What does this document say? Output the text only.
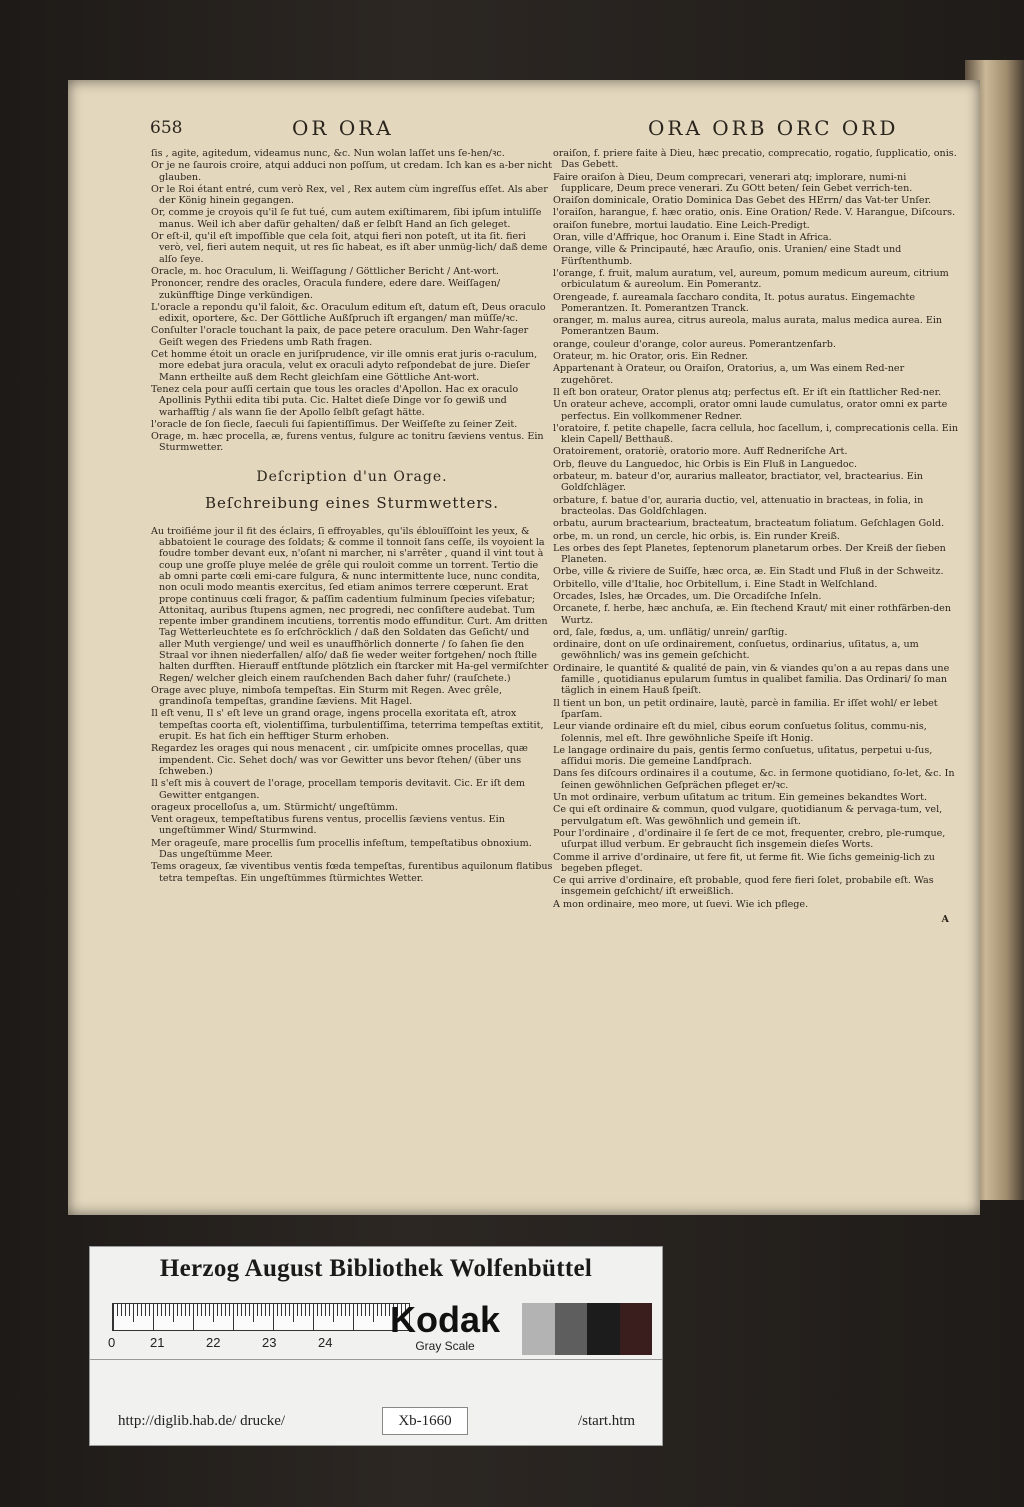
658	OR ORA	ORA ORB ORC ORD
ſis , agite, agitedum, videamus nunc, &c. Nun wolan laſſet uns ſe-hen/ꝛc.
Or je ne ſaurois croire, atqui adduci non poſſum, ut credam. Ich kan es a-ber nicht glauben.
Or le Roi étant entré, cum verò Rex, vel , Rex autem cùm ingreſſus eſſet. Als aber der König hinein gegangen.
Or, comme je croyois qu'il ſe fut tué, cum autem exiſtimarem, ſibi ipſum intuliſſe manus. Weil ich aber dafür gehalten/ daß er ſelbſt Hand an ſich geleget.
Or eſt-il, qu'il eſt impoſſible que cela ſoit, atqui fieri non poteſt, ut ita ſit. fieri verò, vel, fieri autem nequit, ut res ſic habeat, es iſt aber unmüg-lich/ daß deme alſo ſeye.
Oracle, m. hoc Oraculum, li. Weiſſagung / Göttlicher Bericht / Ant-wort.
Prononcer, rendre des oracles, Oracula fundere, edere dare. Weiſſagen/ zukünfftige Dinge verkündigen.
L'oracle a repondu qu'il faloit, &c. Oraculum editum eſt, datum eſt, Deus oraculo edixit, oportere, &c. Der Göttliche Außſpruch iſt ergangen/ man müſſe/ꝛc.
Conſulter l'oracle touchant la paix, de pace petere oraculum. Den Wahr-ſager Geiſt wegen des Friedens umb Rath fragen.
Cet homme étoit un oracle en juriſprudence, vir ille omnis erat juris o-raculum, more edebat jura oracula, velut ex oraculi adyto reſpondebat de jure. Dieſer Mann ertheilte auß dem Recht gleichſam eine Göttliche Ant-wort.
Tenez cela pour auſſi certain que tous les oracles d'Apollon. Hac ex oraculo Apollinis Pythii edita tibi puta. Cic. Haltet dieſe Dinge vor ſo gewiß und warhafftig / als wann ſie der Apollo ſelbſt geſagt hätte.
l'oracle de ſon ſiecle, ſaeculi ſui ſapientiſſimus. Der Weiſſeſte zu ſeiner Zeit.
Orage, m. hæc procella, æ, furens ventus, fulgure ac tonitru ſæviens ventus. Ein Sturmwetter.
Deſcription d'un Orage.
Beſchreibung eines Sturmwetters.
Au troiſiéme jour il fit des éclairs, ſi effroyables, qu'ils éblouïſſoint les yeux, & abbatoient le courage des ſoldats; & comme il tonnoit ſans ceſſe, ils voyoient la foudre tomber devant eux, n'oſant ni marcher, ni s'arrêter , quand il vint tout à coup une groſſe pluye melée de grêle qui rouloit comme un torrent. Tertio die ab omni parte cœli emi-care fulgura, & nunc intermittente luce, nunc condita, non oculi modo meantis exercitus, ſed etiam animos terrere cœperunt. Erat prope continuus cœli fragor, & paſſim cadentium fulminum ſpecies viſebatur; Attonitaq, auribus ſtupens agmen, nec progredi, nec conſiſtere audebat. Tum repente imber grandinem incutiens, torrentis modo effunditur. Curt. Am dritten Tag Wetterleuchtete es ſo erſchröcklich / daß den Soldaten das Geſicht/ und aller Muth vergienge/ und weil es unauffhörlich donnerte / ſo ſahen ſie den Straal vor ihnen niederfallen/ alſo/ daß ſie weder weiter fortgehen/ noch ſtille halten durfften. Hierauff entſtunde plötzlich ein ſtarcker mit Ha-gel vermiſchter Regen/ welcher gleich einem rauſchenden Bach daher fuhr/ (rauſchete.)
Orage avec pluye, nimboſa tempeſtas. Ein Sturm mit Regen. Avec grêle, grandinoſa tempeſtas, grandine ſæviens. Mit Hagel.
Il eſt venu, Il s' eſt leve un grand orage, ingens procella exoritata eſt, atrox tempeſtas coorta eſt, violentiſſima, turbulentiſſima, teterrima tempeſtas extitit, erupit. Es hat ſich ein hefftiger Sturm erhoben.
Regardez les orages qui nous menacent , cir. umſpicite omnes procellas, quæ impendent. Cic. Sehet doch/ was vor Gewitter uns bevor ſtehen/ (über uns ſchweben.)
Il s'eſt mis à couvert de l'orage, procellam temporis devitavit. Cic. Er iſt dem Gewitter entgangen.
orageux procelloſus a, um. Stürmicht/ ungeſtümm.
Vent orageux, tempeſtatibus furens ventus, procellis ſæviens ventus. Ein ungeſtümmer Wind/ Sturmwind.
Mer orageuſe, mare procellis ſum procellis infeſtum, tempeſtatibus obnoxium. Das ungeſtümme Meer.
Tems orageux, ſæ viventibus ventis fœda tempeſtas, furentibus aquilonum flatibus tetra tempeſtas. Ein ungeſtümmes ſtürmichtes Wetter.
oraiſon, f. priere faite à Dieu, hæc precatio, comprecatio, rogatio, ſupplicatio, onis. Das Gebett.
Faire oraiſon à Dieu, Deum comprecari, venerari atq; implorare, numi-ni ſupplicare, Deum prece venerari. Zu GOtt beten/ ſein Gebet verrich-ten.
Oraiſon dominicale, Oratio Dominica Das Gebet des HErrn/ das Vat-ter Unſer.
l'oraiſon, harangue, f. hæc oratio, onis. Eine Oration/ Rede. V. Harangue, Diſcours.
oraiſon funebre, mortui laudatio. Eine Leich-Predigt.
Oran, ville d'Affrique, hoc Oranum i. Eine Stadt in Africa.
Orange, ville & Principauté, hæc Arauſio, onis. Uranien/ eine Stadt und Fürſtenthumb.
l'orange, f. fruit, malum auratum, vel, aureum, pomum medicum aureum, citrium orbiculatum & aureolum. Ein Pomerantz.
Orengeade, f. aureamala ſaccharo condita, It. potus auratus. Eingemachte Pomerantzen. It. Pomerantzen Tranck.
oranger, m. malus aurea, citrus aureola, malus aurata, malus medica aurea. Ein Pomerantzen Baum.
orange, couleur d'orange, color aureus. Pomerantzenfarb.
Orateur, m. hic Orator, oris. Ein Redner.
Appartenant à Orateur, ou Oraiſon, Oratorius, a, um Was einem Red-ner zugehöret.
Il eſt bon orateur, Orator plenus atq; perfectus eſt. Er iſt ein ſtattlicher Red-ner.
Un orateur acheve, accompli, orator omni laude cumulatus, orator omni ex parte perfectus. Ein vollkommener Redner.
l'oratoire, f. petite chapelle, ſacra cellula, hoc ſacellum, i, comprecationis cella. Ein klein Capell/ Betthauß.
Oratoirement, oratoriè, oratorio more. Auff Redneriſche Art.
Orb, fleuve du Languedoc, hic Orbis is Ein Fluß in Languedoc.
orbateur, m. bateur d'or, aurarius malleator, bractiator, vel, bractearius. Ein Goldſchläger.
orbature, f. batue d'or, auraria ductio, vel, attenuatio in bracteas, in folia, in bracteolas. Das Goldſchlagen.
orbatu, aurum bractearium, bracteatum, bracteatum foliatum. Geſchlagen Gold.
orbe, m. un rond, un cercle, hic orbis, is. Ein runder Kreiß.
Les orbes des ſept Planetes, ſeptenorum planetarum orbes. Der Kreiß der ſieben Planeten.
Orbe, ville & riviere de Suiſſe, hæc orca, æ. Ein Stadt und Fluß in der Schweitz.
Orbitello, ville d'Italie, hoc Orbitellum, i. Eine Stadt in Welſchland.
Orcades, Isles, hæ Orcades, um. Die Orcadiſche Inſeln.
Orcanete, f. herbe, hæc anchuſa, æ. Ein ſtechend Kraut/ mit einer rothfärben-den Wurtz.
ord, ſale, fœdus, a, um. unflätig/ unrein/ garſtig.
ordinaire, dont on uſe ordinairement, conſuetus, ordinarius, uſitatus, a, um gewöhnlich/ was ins gemein geſchicht.
Ordinaire, le quantité & qualité de pain, vin & viandes qu'on a au repas dans une famille , quotidianus epularum ſumtus in qualibet familia. Das Ordinari/ ſo man täglich in einem Hauß ſpeiſt.
Il tient un bon, un petit ordinaire, lautè, parcè in familia. Er iſſet wohl/ er lebet ſparſam.
Leur viande ordinaire eſt du miel, cibus eorum conſuetus ſolitus, commu-nis, ſolennis, mel eſt. Ihre gewöhnliche Speiſe iſt Honig.
Le langage ordinaire du pais, gentis ſermo conſuetus, uſitatus, perpetui u-ſus, aſſidui moris. Die gemeine Landſprach.
Dans ſes diſcours ordinaires il a coutume, &c. in ſermone quotidiano, ſo-let, &c. In ſeinen gewöhnlichen Geſprächen pfleget er/ꝛc.
Un mot ordinaire, verbum uſitatum ac tritum. Ein gemeines bekandtes Wort.
Ce qui eſt ordinaire & commun, quod vulgare, quotidianum & pervaga-tum, vel, pervulgatum eſt. Was gewöhnlich und gemein iſt.
Pour l'ordinaire , d'ordinaire il ſe ſert de ce mot, frequenter, crebro, ple-rumque, uſurpat illud verbum. Er gebraucht ſich insgemein dieſes Worts.
Comme il arrive d'ordinaire, ut fere fit, ut ferme fit. Wie ſichs gemeinig-lich zu begeben pfleget.
Ce qui arrive d'ordinaire, eſt probable, quod fere fieri ſolet, probabile eſt. Was insgemein geſchicht/ iſt erweißlich.
A mon ordinaire, meo more, ut ſuevi. Wie ich pflege.
A
Herzog August Bibliothek Wolfenbüttel
0	21	22	23	24
Kodak
Gray Scale
http://diglib.hab.de/ drucke/	Xb-1660	/start.htm
